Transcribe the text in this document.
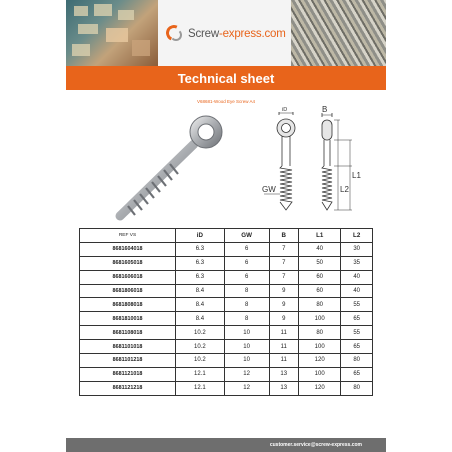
Screw-express.com
Technical sheet
V68681-Wood Eye Screw A4
iD	B
GW
L1
L2
REF VS	iD	GW	B	L1	L2
8681604018	6.3	6	7	40	30
8681605018	6.3	6	7	50	35
8681606018	6.3	6	7	60	40
8681806018	8.4	8	9	60	40
8681808018	8.4	8	9	80	55
8681810018	8.4	8	9	100	65
8681108018	10.2	10	11	80	55
8681101018	10.2	10	11	100	65
8681101218	10.2	10	11	120	80
8681121018	12.1	12	13	100	65
8681121218	12.1	12	13	120	80
customer.service@screw-express.com
